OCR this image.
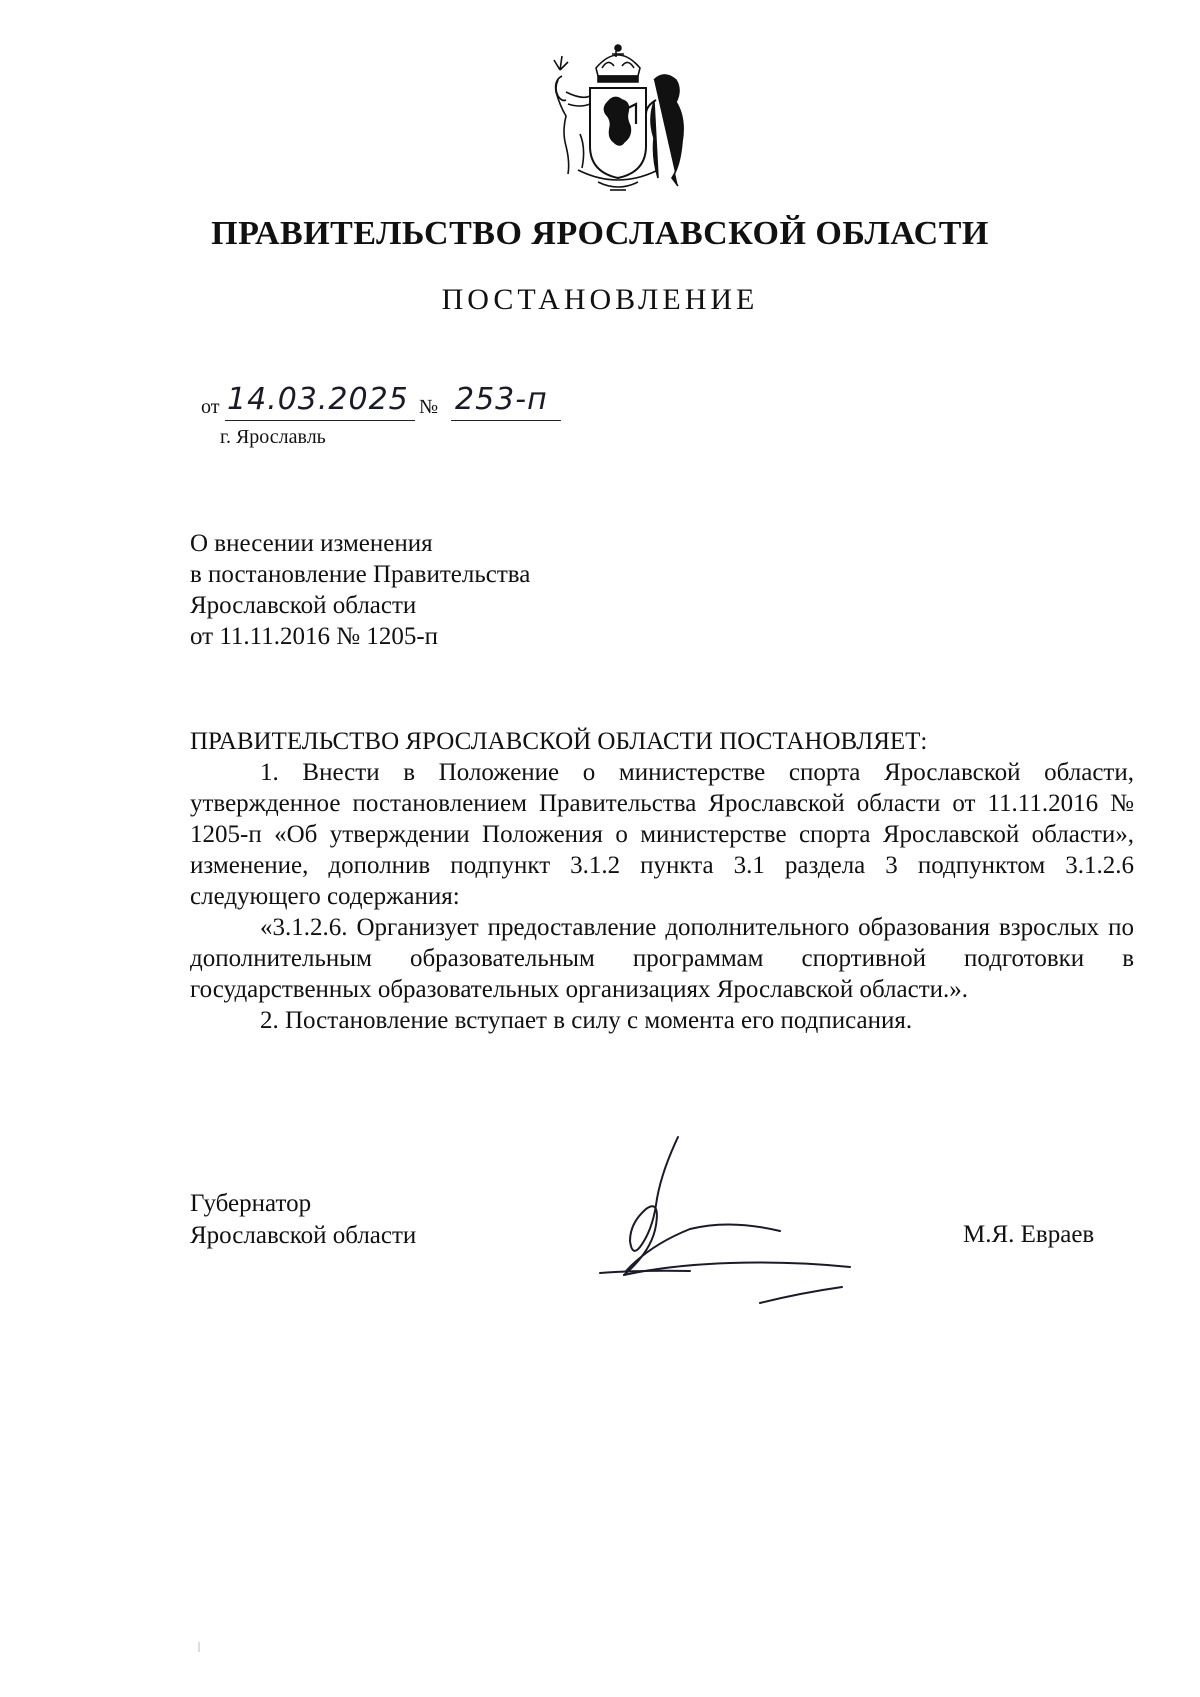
ПРАВИТЕЛЬСТВО ЯРОСЛАВСКОЙ ОБЛАСТИ
ПОСТАНОВЛЕНИЕ
от 14.03.2025 № 253-п
г. Ярославль
О внесении изменения
в постановление Правительства
Ярославской области
от 11.11.2016 № 1205-п
ПРАВИТЕЛЬСТВО ЯРОСЛАВСКОЙ ОБЛАСТИ ПОСТАНОВЛЯЕТ:

1. Внести в Положение о министерстве спорта Ярославской области, утвержденное постановлением Правительства Ярославской области от 11.11.2016 № 1205-п «Об утверждении Положения о министерстве спорта Ярославской области», изменение, дополнив подпункт 3.1.2 пункта 3.1 раздела 3 подпунктом 3.1.2.6 следующего содержания:

«3.1.2.6. Организует предоставление дополнительного образования взрослых по дополнительным образовательным программам спортивной подготовки в государственных образовательных организациях Ярославской области.».

2. Постановление вступает в силу с момента его подписания.

Губернатор
Ярославской области	М.Я. Евраев
